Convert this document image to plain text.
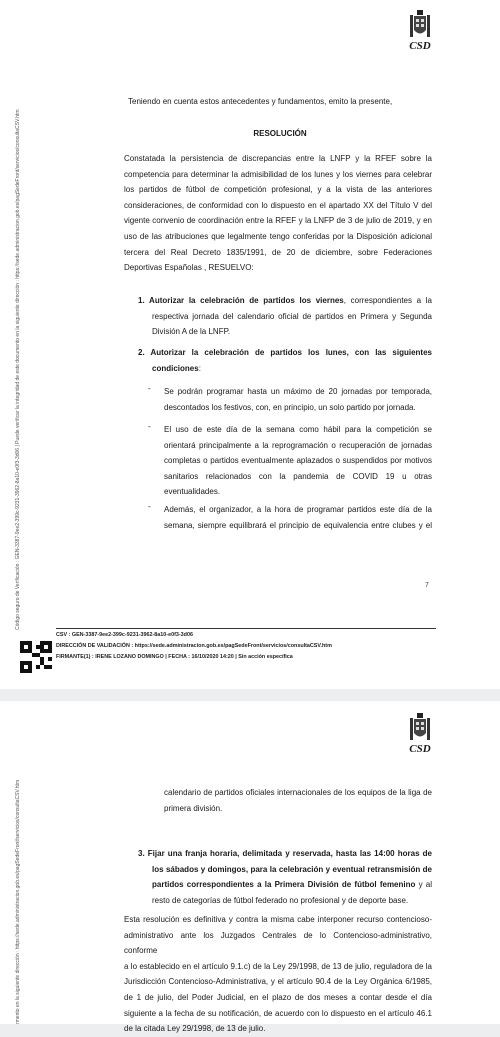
Código seguro de Verificación : GEN-3387-9ee2-399c-9231-3962-8a10-e0f3-3d06 | Puede verificar la integridad de este documento en la siguiente dirección : https://sede.administracion.gob.es/pagSedeFront/servicios/consultaCSV.htm
CSD
Teniendo en cuenta estos antecedentes y fundamentos, emito la presente,
RESOLUCIÓN
Constatada la persistencia de discrepancias entre la LNFP y la RFEF sobre la
competencia para determinar la admisibilidad de los lunes y los viernes para celebrar
los partidos de fútbol de competición profesional, y a la vista de las anteriores
consideraciones, de conformidad con lo dispuesto en el apartado XX del Título V del
vigente convenio de coordinación entre la RFEF y la LNFP de 3 de julio de 2019, y en
uso de las atribuciones que legalmente tengo conferidas por la Disposición adicional
tercera del Real Decreto 1835/1991, de 20 de diciembre, sobre Federaciones
Deportivas Españolas , RESUELVO:
1. Autorizar la celebración de partidos los viernes, correspondientes a la
respectiva jornada del calendario oficial de partidos en Primera y Segunda
División A de la LNFP.
2. Autorizar la celebración de partidos los lunes, con las siguientes
condiciones:
- Se podrán programar hasta un máximo de 20 jornadas por temporada,
descontados los festivos, con, en principio, un solo partido por jornada.
- El uso de este día de la semana como hábil para la competición se
orientará principalmente a la reprogramación o recuperación de jornadas
completas o partidos eventualmente aplazados o suspendidos por motivos
sanitarios relacionados con la pandemia de COVID 19 u otras
eventualidades.
- Además, el organizador, a la hora de programar partidos este día de la
semana, siempre equilibrará el principio de equivalencia entre clubes y el
7
CSV : GEN-3387-9ee2-399c-9231-3962-8a10-e0f3-3d06
DIRECCIÓN DE VALIDACIÓN : https://sede.administracion.gob.es/pagSedeFront/servicios/consultaCSV.htm
FIRMANTE(1) : IRENE LOZANO DOMINGO | FECHA : 16/10/2020 14:20 | Sin acción específica
rmento en la siguiente dirección : https://sede.administracion.gob.es/pagSedeFront/servicios/consultaCSV.htm
CSD
calendario de partidos oficiales internacionales de los equipos de la liga de
primera división.
3. Fijar una franja horaria, delimitada y reservada, hasta las 14:00 horas de
los sábados y domingos, para la celebración y eventual retransmisión de
partidos correspondientes a la Primera División de fútbol femenino y al
resto de categorías de fútbol federado no profesional y de deporte base.
Esta resolución es definitiva y contra la misma cabe interponer recurso contencioso-
administrativo ante los Juzgados Centrales de lo Contencioso-administrativo, conforme
a lo establecido en el artículo 9.1.c) de la Ley 29/1998, de 13 de julio, reguladora de la
Jurisdicción Contencioso-Administrativa, y el artículo 90.4 de la Ley Orgánica 6/1985,
de 1 de julio, del Poder Judicial, en el plazo de dos meses a contar desde el día
siguiente a la fecha de su notificación, de acuerdo con lo dispuesto en el artículo 46.1
de la citada Ley 29/1998, de 13 de julio.
